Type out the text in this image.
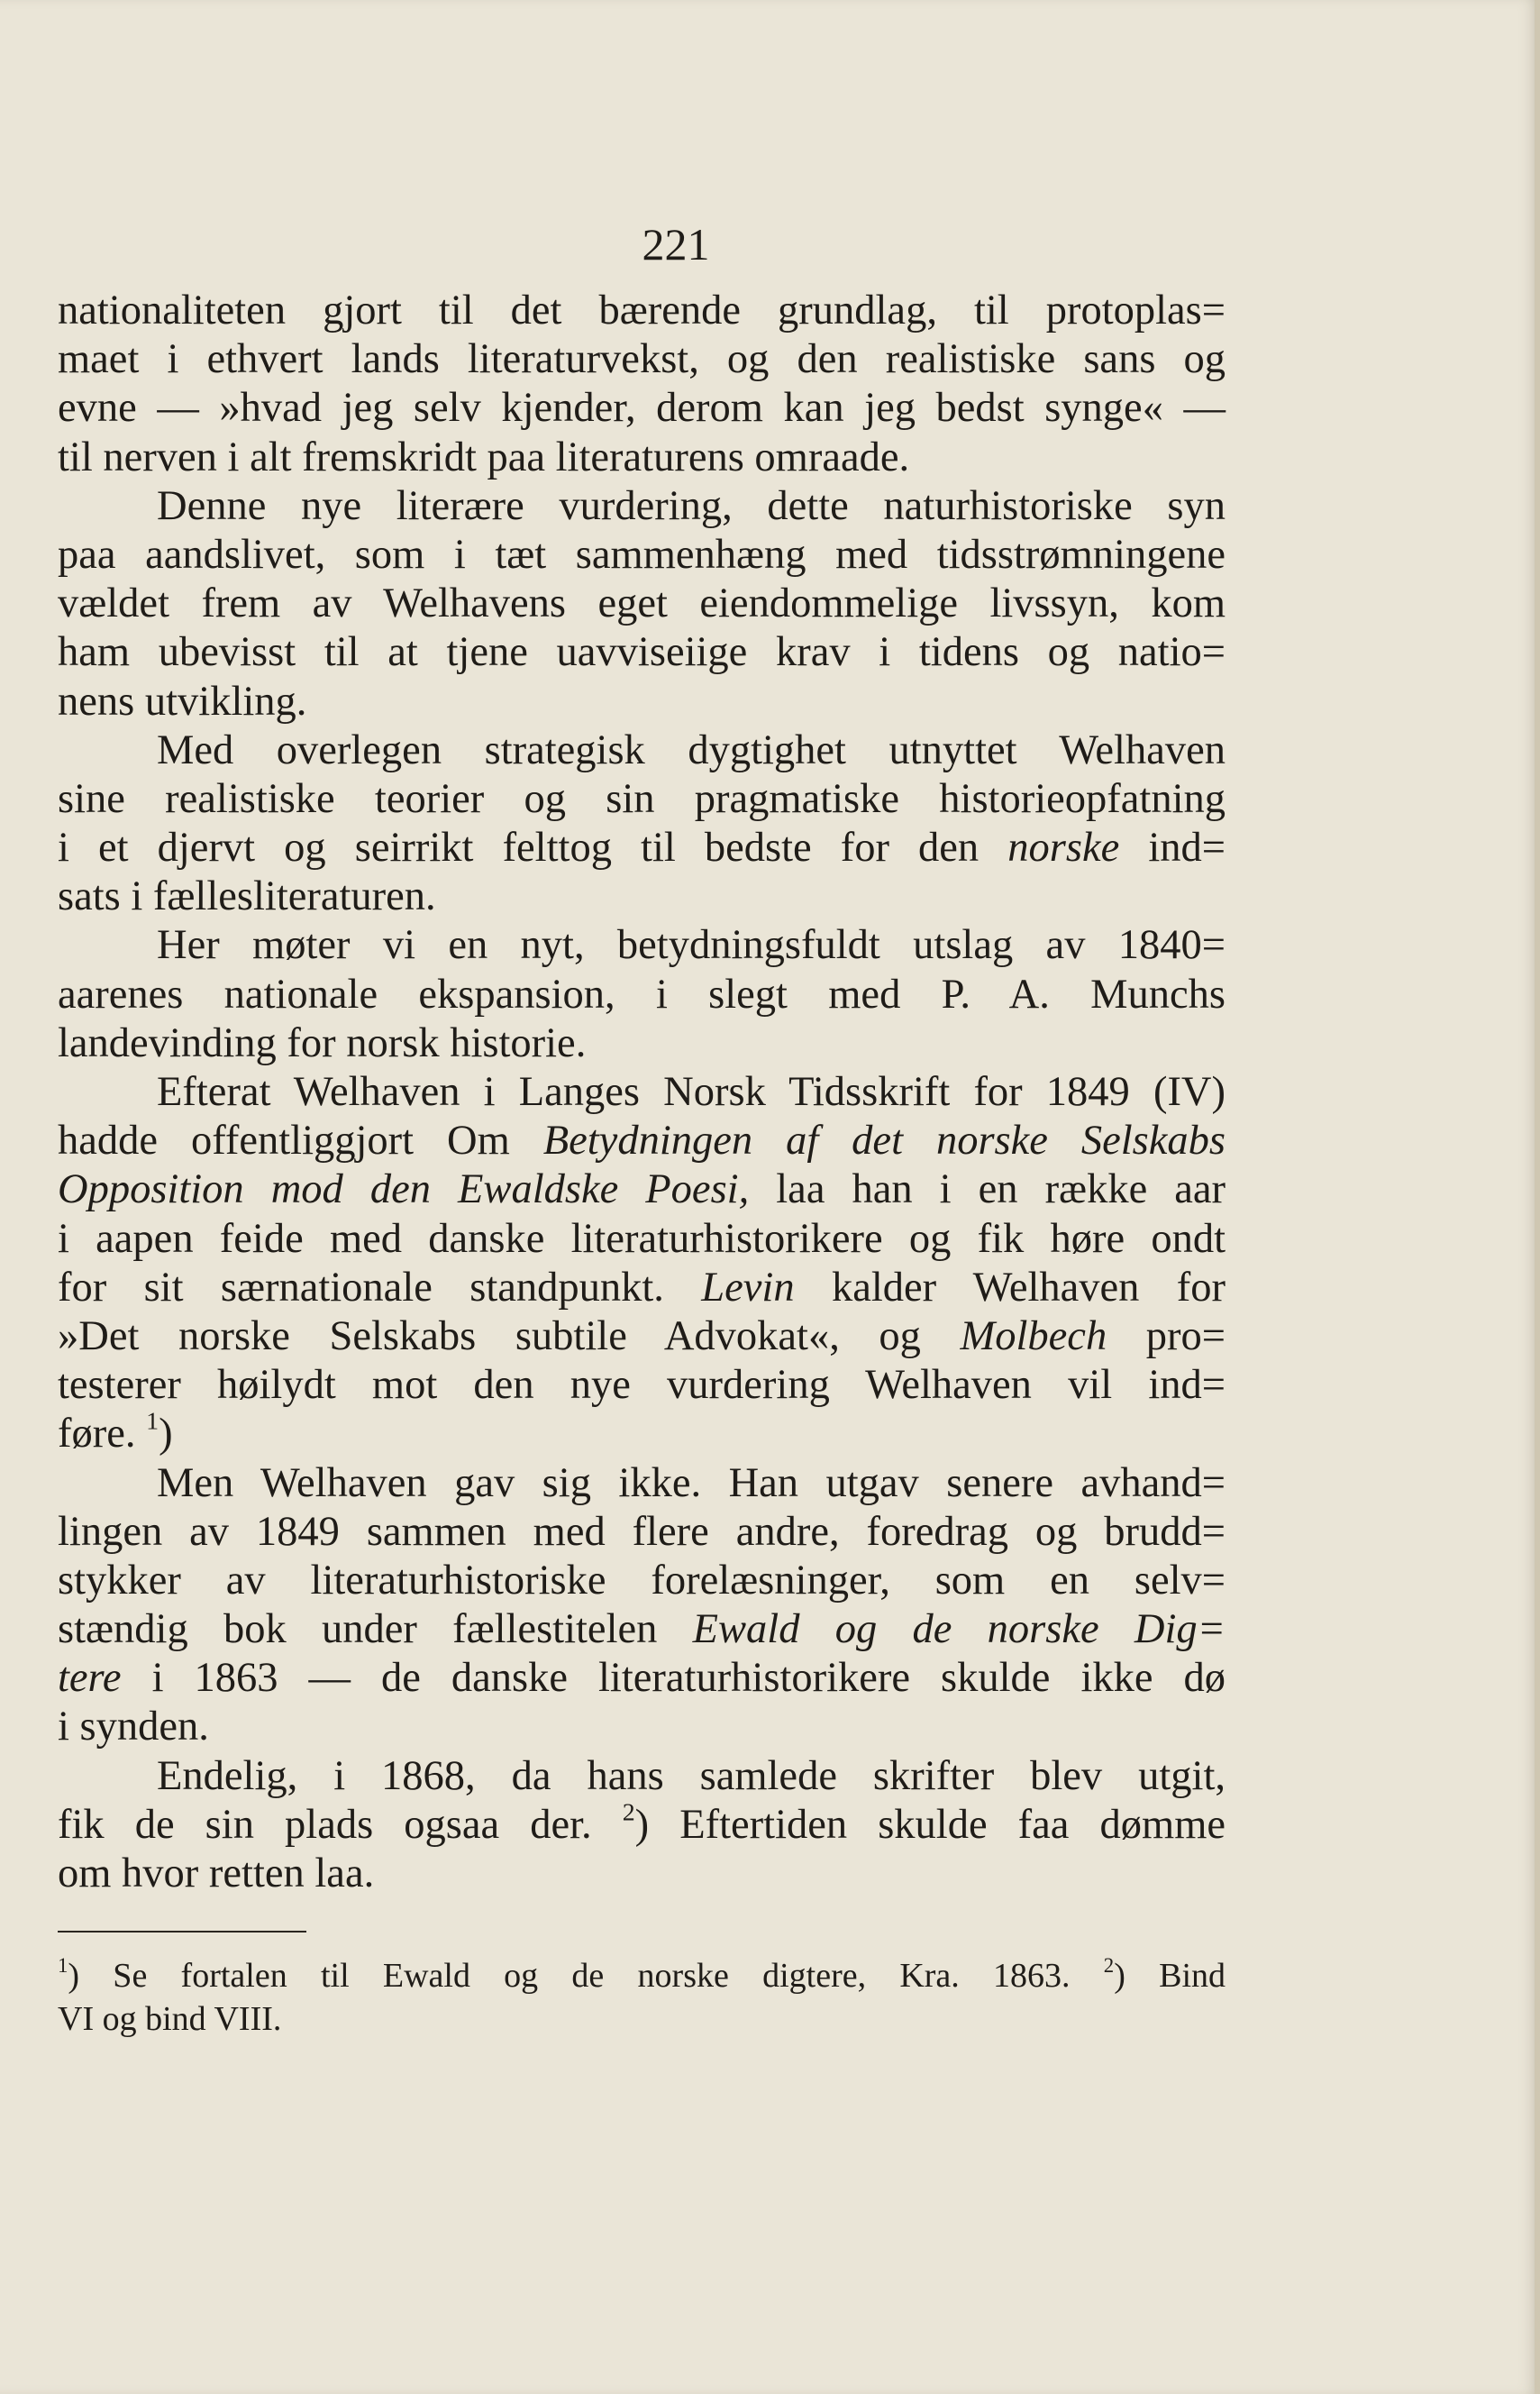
221
nationaliteten gjort til det bærende grundlag, til protoplas=
maet i ethvert lands literaturvekst, og den realistiske sans og
evne — »hvad jeg selv kjender, derom kan jeg bedst synge« —
til nerven i alt fremskridt paa literaturens omraade.
Denne nye literære vurdering, dette naturhistoriske syn
paa aandslivet, som i tæt sammenhæng med tidsstrømningene
vældet frem av Welhavens eget eiendommelige livssyn, kom
ham ubevisst til at tjene uavviseiige krav i tidens og natio=
nens utvikling.
Med overlegen strategisk dygtighet utnyttet Welhaven
sine realistiske teorier og sin pragmatiske historieopfatning
i et djervt og seirrikt felttog til bedste for den norske ind=
sats i fællesliteraturen.
Her møter vi en nyt, betydningsfuldt utslag av 1840=
aarenes nationale ekspansion, i slegt med P. A. Munchs
landevinding for norsk historie.
Efterat Welhaven i Langes Norsk Tidsskrift for 1849 (IV)
hadde offentliggjort Om Betydningen af det norske Selskabs
Opposition mod den Ewaldske Poesi, laa han i en række aar
i aapen feide med danske literaturhistorikere og fik høre ondt
for sit særnationale standpunkt. Levin kalder Welhaven for
»Det norske Selskabs subtile Advokat«, og Molbech pro=
testerer høilydt mot den nye vurdering Welhaven vil ind=
føre. $^1$)
Men Welhaven gav sig ikke. Han utgav senere avhand=
lingen av 1849 sammen med flere andre, foredrag og brudd=
stykker av literaturhistoriske forelæsninger, som en selv=
stændig bok under fællestitelen Ewald og de norske Dig=
tere i 1863 — de danske literaturhistorikere skulde ikke dø
i synden.
Endelig, i 1868, da hans samlede skrifter blev utgit,
fik de sin plads ogsaa der. $^2$) Eftertiden skulde faa dømme
om hvor retten laa.
$^1$) Se fortalen til Ewald og de norske digtere, Kra. 1863. $^2$) Bind
VI og bind VIII.
